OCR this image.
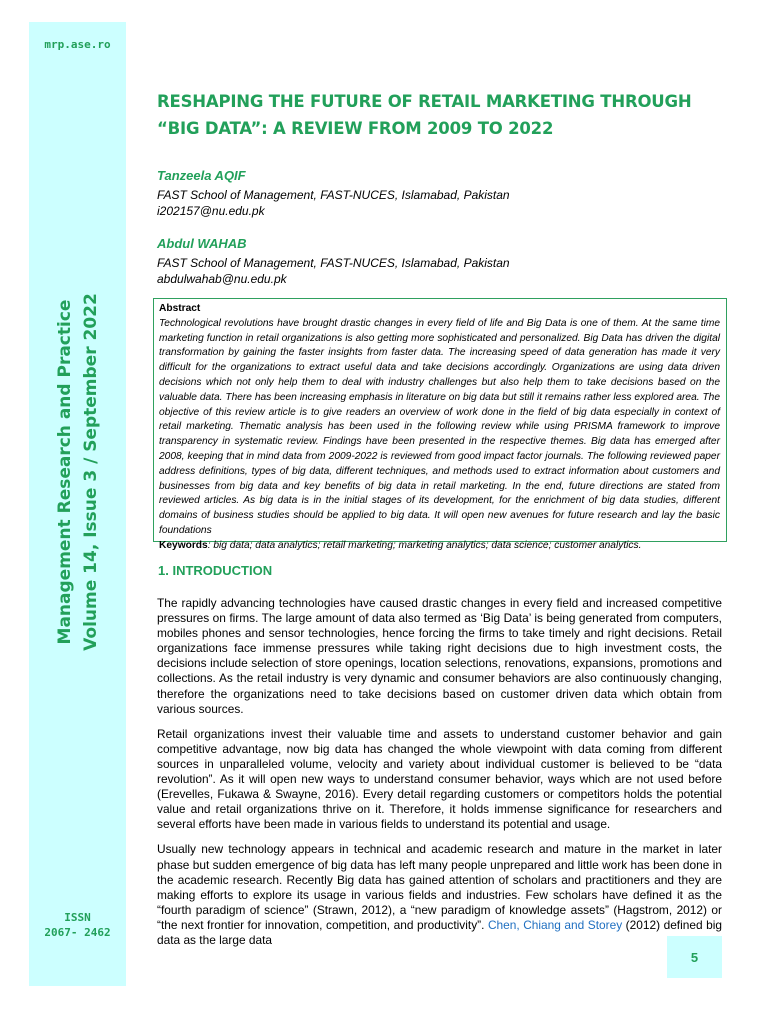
mrp.ase.ro
Management Research and Practice Volume 14, Issue 3 / September 2022
ISSN
2067- 2462
RESHAPING THE FUTURE OF RETAIL MARKETING THROUGH “BIG DATA”: A REVIEW FROM 2009 TO 2022
Tanzeela AQIF
FAST School of Management, FAST-NUCES, Islamabad, Pakistan
i202157@nu.edu.pk
Abdul WAHAB
FAST School of Management, FAST-NUCES, Islamabad, Pakistan
abdulwahab@nu.edu.pk
Abstract
Technological revolutions have brought drastic changes in every field of life and Big Data is one of them. At the same time marketing function in retail organizations is also getting more sophisticated and personalized. Big Data has driven the digital transformation by gaining the faster insights from faster data. The increasing speed of data generation has made it very difficult for the organizations to extract useful data and take decisions accordingly. Organizations are using data driven decisions which not only help them to deal with industry challenges but also help them to take decisions based on the valuable data. There has been increasing emphasis in literature on big data but still it remains rather less explored area. The objective of this review article is to give readers an overview of work done in the field of big data especially in context of retail marketing. Thematic analysis has been used in the following review while using PRISMA framework to improve transparency in systematic review. Findings have been presented in the respective themes. Big data has emerged after 2008, keeping that in mind data from 2009-2022 is reviewed from good impact factor journals. The following reviewed paper address definitions, types of big data, different techniques, and methods used to extract information about customers and businesses from big data and key benefits of big data in retail marketing. In the end, future directions are stated from reviewed articles. As big data is in the initial stages of its development, for the enrichment of big data studies, different domains of business studies should be applied to big data. It will open new avenues for future research and lay the basic foundations
Keywords: big data; data analytics; retail marketing; marketing analytics; data science; customer analytics.
1. INTRODUCTION

The rapidly advancing technologies have caused drastic changes in every field and increased competitive pressures on firms. The large amount of data also termed as ‘Big Data’ is being generated from computers, mobiles phones and sensor technologies, hence forcing the firms to take timely and right decisions. Retail organizations face immense pressures while taking right decisions due to high investment costs, the decisions include selection of store openings, location selections, renovations, expansions, promotions and collections. As the retail industry is very dynamic and consumer behaviors are also continuously changing, therefore the organizations need to take decisions based on customer driven data which obtain from various sources.

Retail organizations invest their valuable time and assets to understand customer behavior and gain competitive advantage, now big data has changed the whole viewpoint with data coming from different sources in unparalleled volume, velocity and variety about individual customer is believed to be “data revolution”. As it will open new ways to understand consumer behavior, ways which are not used before (Erevelles, Fukawa & Swayne, 2016). Every detail regarding customers or competitors holds the potential value and retail organizations thrive on it. Therefore, it holds immense significance for researchers and several efforts have been made in various fields to understand its potential and usage.

Usually new technology appears in technical and academic research and mature in the market in later phase but sudden emergence of big data has left many people unprepared and little work has been done in the academic research. Recently Big data has gained attention of scholars and practitioners and they are making efforts to explore its usage in various fields and industries. Few scholars have defined it as the “fourth paradigm of science” (Strawn, 2012), a “new paradigm of knowledge assets” (Hagstrom, 2012) or “the next frontier for innovation, competition, and productivity”. Chen, Chiang and Storey (2012) defined big data as the large data

5
